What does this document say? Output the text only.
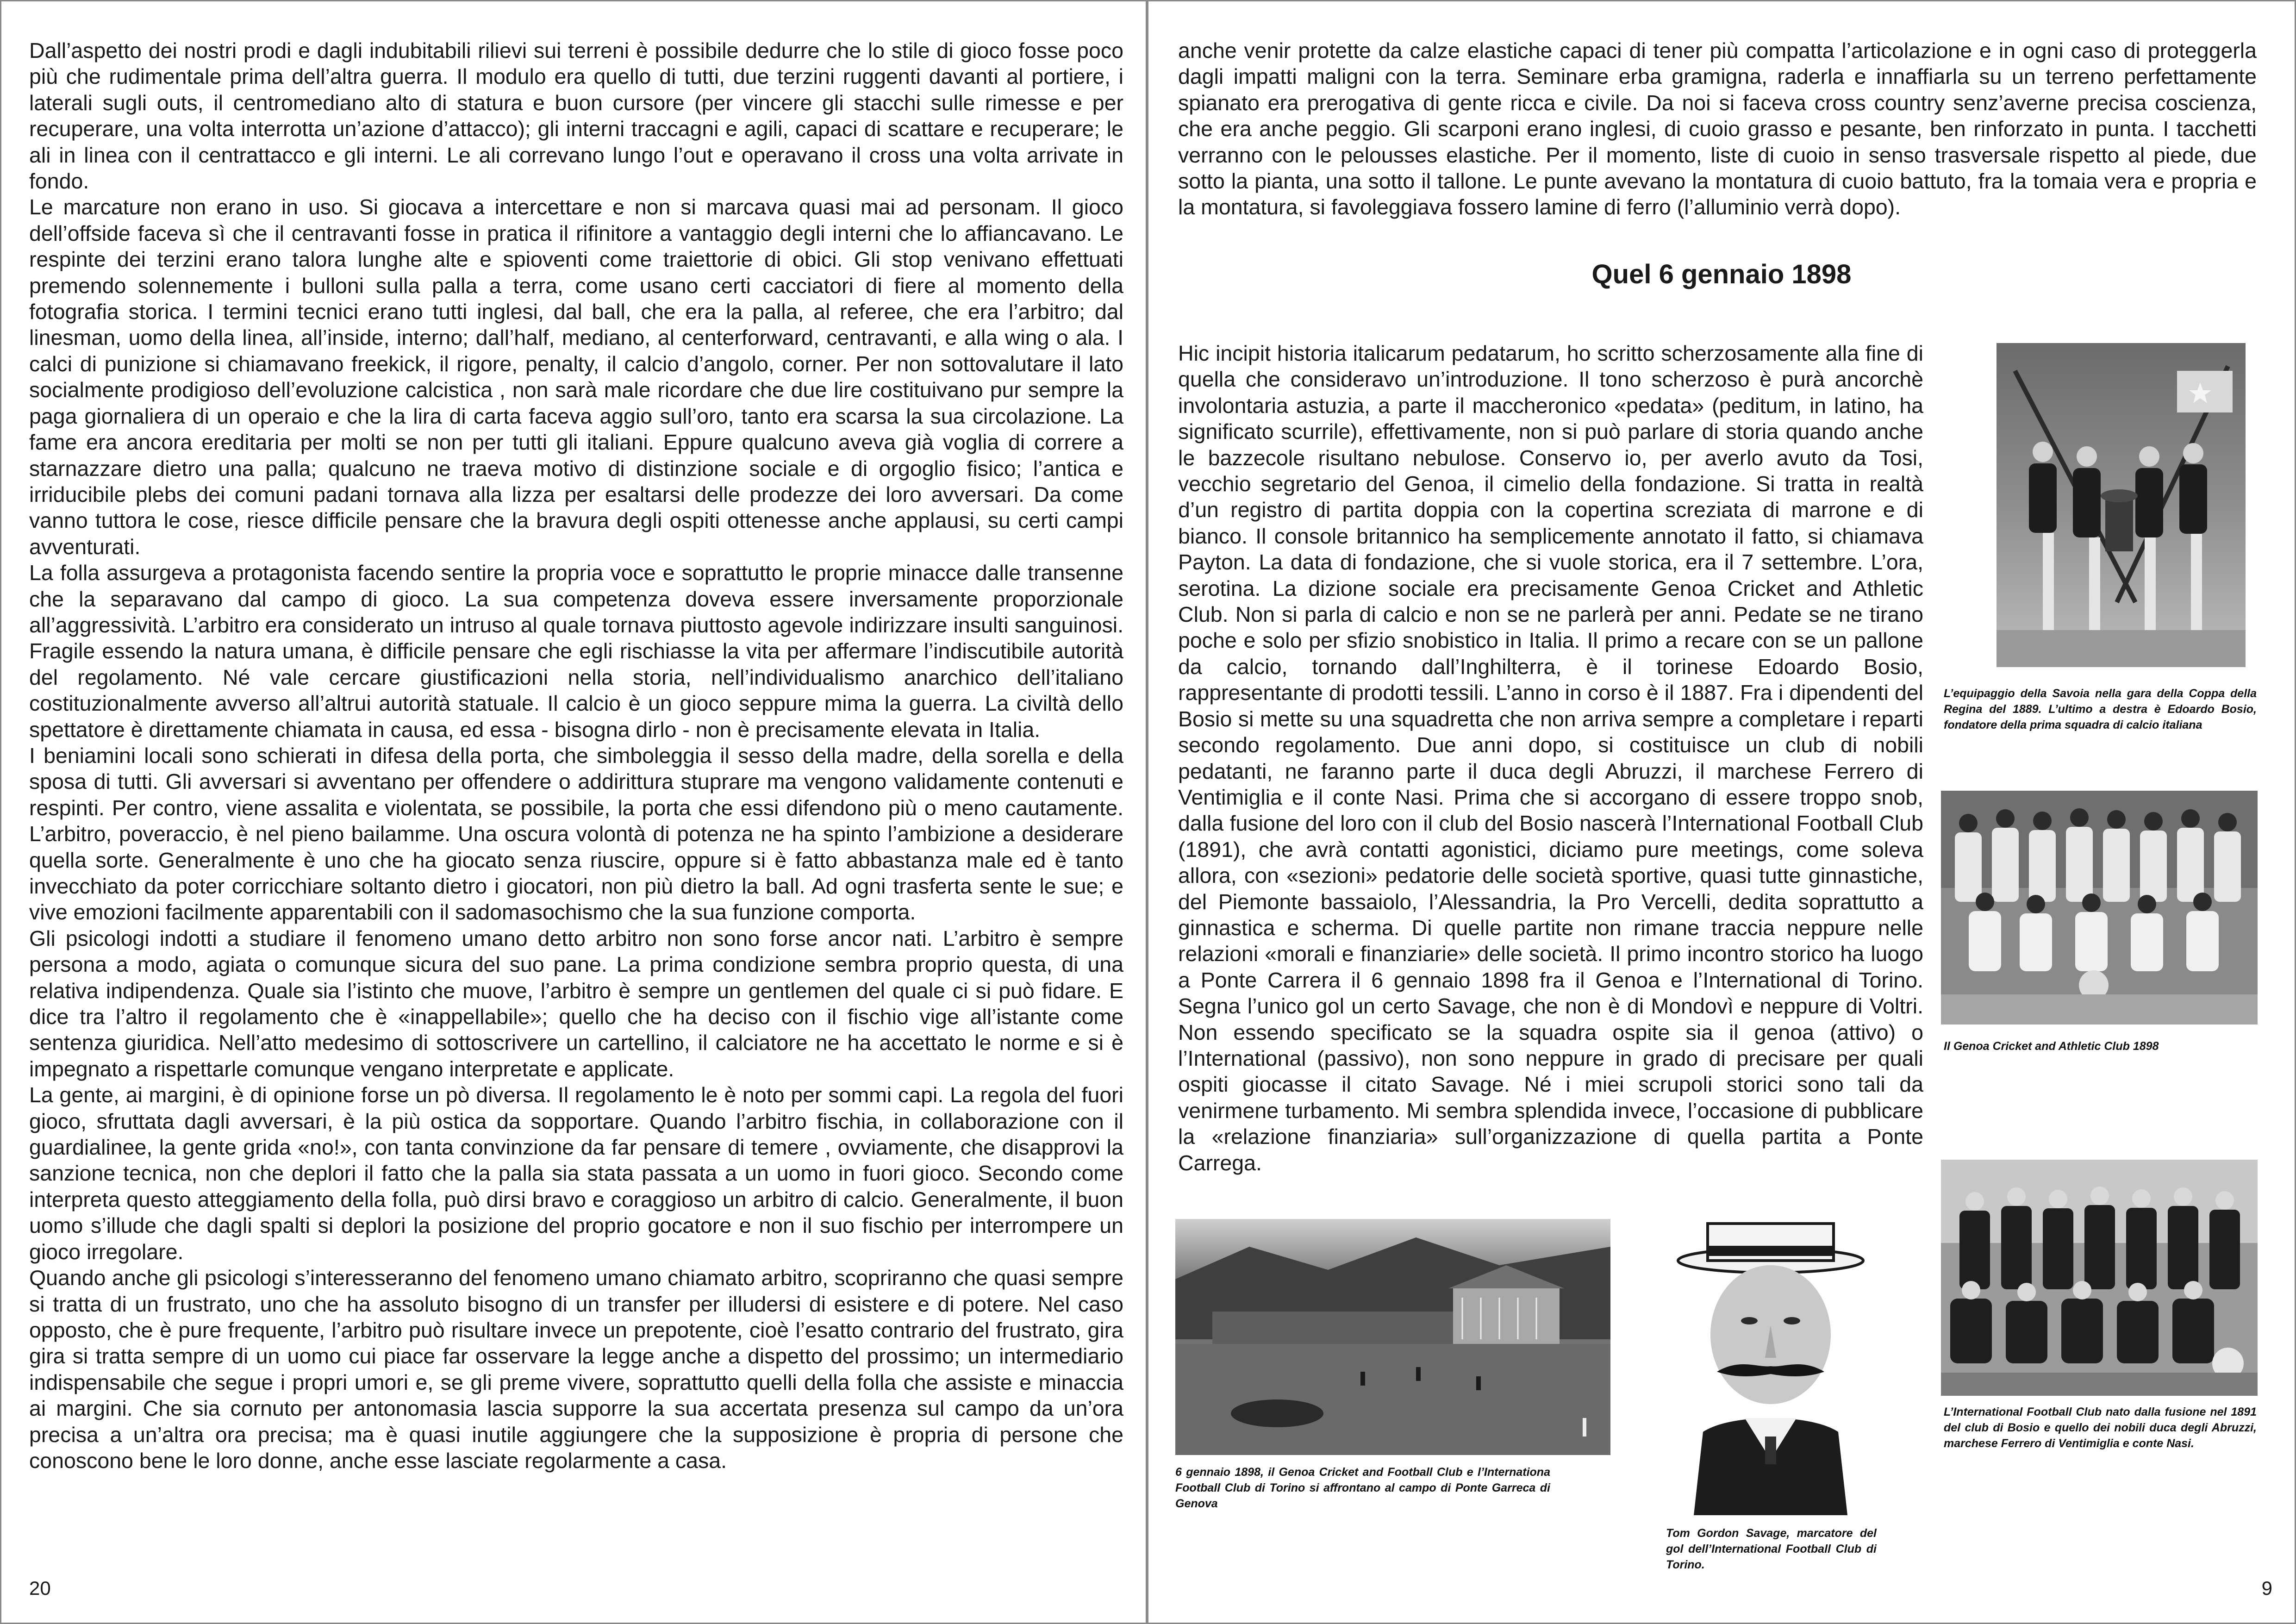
Dall’aspetto dei nostri prodi e dagli indubitabili rilievi sui terreni è possibile dedurre che lo stile di gioco fosse poco più che rudimentale prima dell’altra guerra. Il modulo era quello di tutti, due terzini ruggenti davanti al portiere, i laterali sugli outs, il centromediano alto di statura e buon cursore (per vincere gli stacchi sulle rimesse e per recuperare, una volta interrotta un’azione d’attacco); gli interni traccagni e agili, capaci di scattare e recuperare; le ali in linea con il centrattacco e gli interni. Le ali correvano lungo l’out e operavano il cross una volta arrivate in fondo.

Le marcature non erano in uso. Si giocava a intercettare e non si marcava quasi mai ad personam. Il gioco dell’offside faceva sì che il centravanti fosse in pratica il rifinitore a vantaggio degli interni che lo affiancavano. Le respinte dei terzini erano talora lunghe alte e spioventi come traiettorie di obici. Gli stop venivano effettuati premendo solennemente i bulloni sulla palla a terra, come usano certi cacciatori di fiere al momento della fotografia storica. I termini tecnici erano tutti inglesi, dal ball, che era la palla, al referee, che era l’arbitro; dal linesman, uomo della linea, all’inside, interno; dall’half, mediano, al centerforward, centravanti, e alla wing o ala. I calci di punizione si chiamavano freekick, il rigore, penalty, il calcio d’angolo, corner. Per non sottovalutare il lato socialmente prodigioso dell’evoluzione calcistica , non sarà male ricordare che due lire costituivano pur sempre la paga giornaliera di un operaio e che la lira di carta faceva aggio sull’oro, tanto era scarsa la sua circolazione. La fame era ancora ereditaria per molti se non per tutti gli italiani. Eppure qualcuno aveva già voglia di correre a starnazzare dietro una palla; qualcuno ne traeva motivo di distinzione sociale e di orgoglio fisico; l’antica e irriducibile plebs dei comuni padani tornava alla lizza per esaltarsi delle prodezze dei loro avversari. Da come vanno tuttora le cose, riesce difficile pensare che la bravura degli ospiti ottenesse anche applausi, su certi campi avventurati.

La folla assurgeva a protagonista facendo sentire la propria voce e soprattutto le proprie minacce dalle transenne che la separavano dal campo di gioco. La sua competenza doveva essere inversamente proporzionale all’aggressività. L’arbitro era considerato un intruso al quale tornava piuttosto agevole indirizzare insulti sanguinosi. Fragile essendo la natura umana, è difficile pensare che egli rischiasse la vita per affermare l’indiscutibile autorità del regolamento. Né vale cercare giustificazioni nella storia, nell’individualismo anarchico dell’italiano costituzionalmente avverso all’altrui autorità statuale. Il calcio è un gioco seppure mima la guerra. La civiltà dello spettatore è direttamente chiamata in causa, ed essa - bisogna dirlo - non è precisamente elevata in Italia.

I beniamini locali sono schierati in difesa della porta, che simboleggia il sesso della madre, della sorella e della sposa di tutti. Gli avversari si avventano per offendere o addirittura stuprare ma vengono validamente contenuti e respinti. Per contro, viene assalita e violentata, se possibile, la porta che essi difendono più o meno cautamente. L’arbitro, poveraccio, è nel pieno bailamme. Una oscura volontà di potenza ne ha spinto l’ambizione a desiderare quella sorte. Generalmente è uno che ha giocato senza riuscire, oppure si è fatto abbastanza male ed è tanto invecchiato da poter corricchiare soltanto dietro i giocatori, non più dietro la ball. Ad ogni trasferta sente le sue; e vive emozioni facilmente apparentabili con il sadomasochismo che la sua funzione comporta.

Gli psicologi indotti a studiare il fenomeno umano detto arbitro non sono forse ancor nati. L’arbitro è sempre persona a modo, agiata o comunque sicura del suo pane. La prima condizione sembra proprio questa, di una relativa indipendenza. Quale sia l’istinto che muove, l’arbitro è sempre un gentlemen del quale ci si può fidare. E dice tra l’altro il regolamento che è «inappellabile»; quello che ha deciso con il fischio vige all’istante come sentenza giuridica. Nell’atto medesimo di sottoscrivere un cartellino, il calciatore ne ha accettato le norme e si è impegnato a rispettarle comunque vengano interpretate e applicate.

La gente, ai margini, è di opinione forse un pò diversa. Il regolamento le è noto per sommi capi. La regola del fuori gioco, sfruttata dagli avversari, è la più ostica da sopportare. Quando l’arbitro fischia, in collaborazione con il guardialinee, la gente grida «no!», con tanta convinzione da far pensare di temere , ovviamente, che disapprovi la sanzione tecnica, non che deplori il fatto che la palla sia stata passata a un uomo in fuori gioco. Secondo come interpreta questo atteggiamento della folla, può dirsi bravo e coraggioso un arbitro di calcio. Generalmente, il buon uomo s’illude che dagli spalti si deplori la posizione del proprio gocatore e non il suo fischio per interrompere un gioco irregolare.

Quando anche gli psicologi s’interesseranno del fenomeno umano chiamato arbitro, scopriranno che quasi sempre si tratta di un frustrato, uno che ha assoluto bisogno di un transfer per illudersi di esistere e di potere. Nel caso opposto, che è pure frequente, l’arbitro può risultare invece un prepotente, cioè l’esatto contrario del frustrato, gira gira si tratta sempre di un uomo cui piace far osservare la legge anche a dispetto del prossimo; un intermediario indispensabile che segue i propri umori e, se gli preme vivere, soprattutto quelli della folla che assiste e minaccia ai margini. Che sia cornuto per antonomasia lascia supporre la sua accertata presenza sul campo da un’ora precisa a un’altra ora precisa; ma è quasi inutile aggiungere che la supposizione è propria di persone che conoscono bene le loro donne, anche esse lasciate regolarmente a casa.

20

anche venir protette da calze elastiche capaci di tener più compatta l’articolazione e in ogni caso di proteggerla dagli impatti maligni con la terra. Seminare erba gramigna, raderla e innaffiarla su un terreno perfettamente spianato era prerogativa di gente ricca e civile. Da noi si faceva cross country senz’averne precisa coscienza, che era anche peggio. Gli scarponi erano inglesi, di cuoio grasso e pesante, ben rinforzato in punta. I tacchetti verranno con le pelousses elastiche. Per il momento, liste di cuoio in senso trasversale rispetto al piede, due sotto la pianta, una sotto il tallone. Le punte avevano la montatura di cuoio battuto, fra la tomaia vera e propria e la montatura, si favoleggiava fossero lamine di ferro (l’alluminio verrà dopo).

Quel 6 gennaio 1898

Hic incipit historia italicarum pedatarum, ho scritto scherzosamente alla fine di quella che consideravo un’introduzione. Il tono scherzoso è purà ancorchè involontaria astuzia, a parte il maccheronico «pedata» (peditum, in latino, ha significato scurrile), effettivamente, non si può parlare di storia quando anche le bazzecole risultano nebulose. Conservo io, per averlo avuto da Tosi, vecchio segretario del Genoa, il cimelio della fondazione. Si tratta in realtà d’un registro di partita doppia con la copertina screziata di marrone e di bianco. Il console britannico ha semplicemente annotato il fatto, si chiamava Payton. La data di fondazione, che si vuole storica, era il 7 settembre. L’ora, serotina. La dizione sociale era precisamente Genoa Cricket and Athletic Club. Non si parla di calcio e non se ne parlerà per anni. Pedate se ne tirano poche e solo per sfizio snobistico in Italia. Il primo a recare con se un pallone da calcio, tornando dall’Inghilterra, è il torinese Edoardo Bosio, rappresentante di prodotti tessili. L’anno in corso è il 1887. Fra i dipendenti del Bosio si mette su una squadretta che non arriva sempre a completare i reparti secondo regolamento. Due anni dopo, si costituisce un club di nobili pedatanti, ne faranno parte il duca degli Abruzzi, il marchese Ferrero di Ventimiglia e il conte Nasi. Prima che si accorgano di essere troppo snob, dalla fusione del loro con il club del Bosio nascerà l’International Football Club (1891), che avrà contatti agonistici, diciamo pure meetings, come solevа allora, con «sezioni» pedatorie delle società sportive, quasi tutte ginnastiche, del Piemonte bassaiolo, l’Alessandria, la Pro Vercelli, dedita soprattutto a ginnastica e scherma. Di quelle partite non rimane traccia neppure nelle relazioni «morali e finanziarie» delle società. Il primo incontro storico ha luogo a Ponte Carrera il 6 gennaio 1898 fra il Genoa e l’International di Torino. Segna l’unico gol un certo Savage, che non è di Mondovì e neppure di Voltri. Non essendo specificato se la squadra ospite sia il genoa (attivo) o l’International (passivo), non sono neppure in grado di precisare per quali ospiti giocasse il citato Savage. Né i miei scrupoli storici sono tali da venirmene turbamento. Mi sembra splendida invece, l’occasione di pubblicare la «relazione finanziaria» sull’organizzazione di quella partita a Ponte Carrega.

L’equipaggio della Savoia nella gara della Coppa della Regina del 1889. L’ultimo a destra è Edoardo Bosio, fondatore della prima squadra di calcio italiana
Il Genoa Cricket and Athletic Club 1898
L’International Football Club nato dalla fusione nel 1891 del club di Bosio e quello dei nobili duca degli Abruzzi, marchese Ferrero di Ventimiglia e conte Nasi.
6 gennaio 1898, il Genoa Cricket and Football Club e l’Internationa Football Club di Torino si affrontano al campo di Ponte Garreca di Genova
Tom Gordon Savage, marcatore del gol dell’International Football Club di Torino.
9
